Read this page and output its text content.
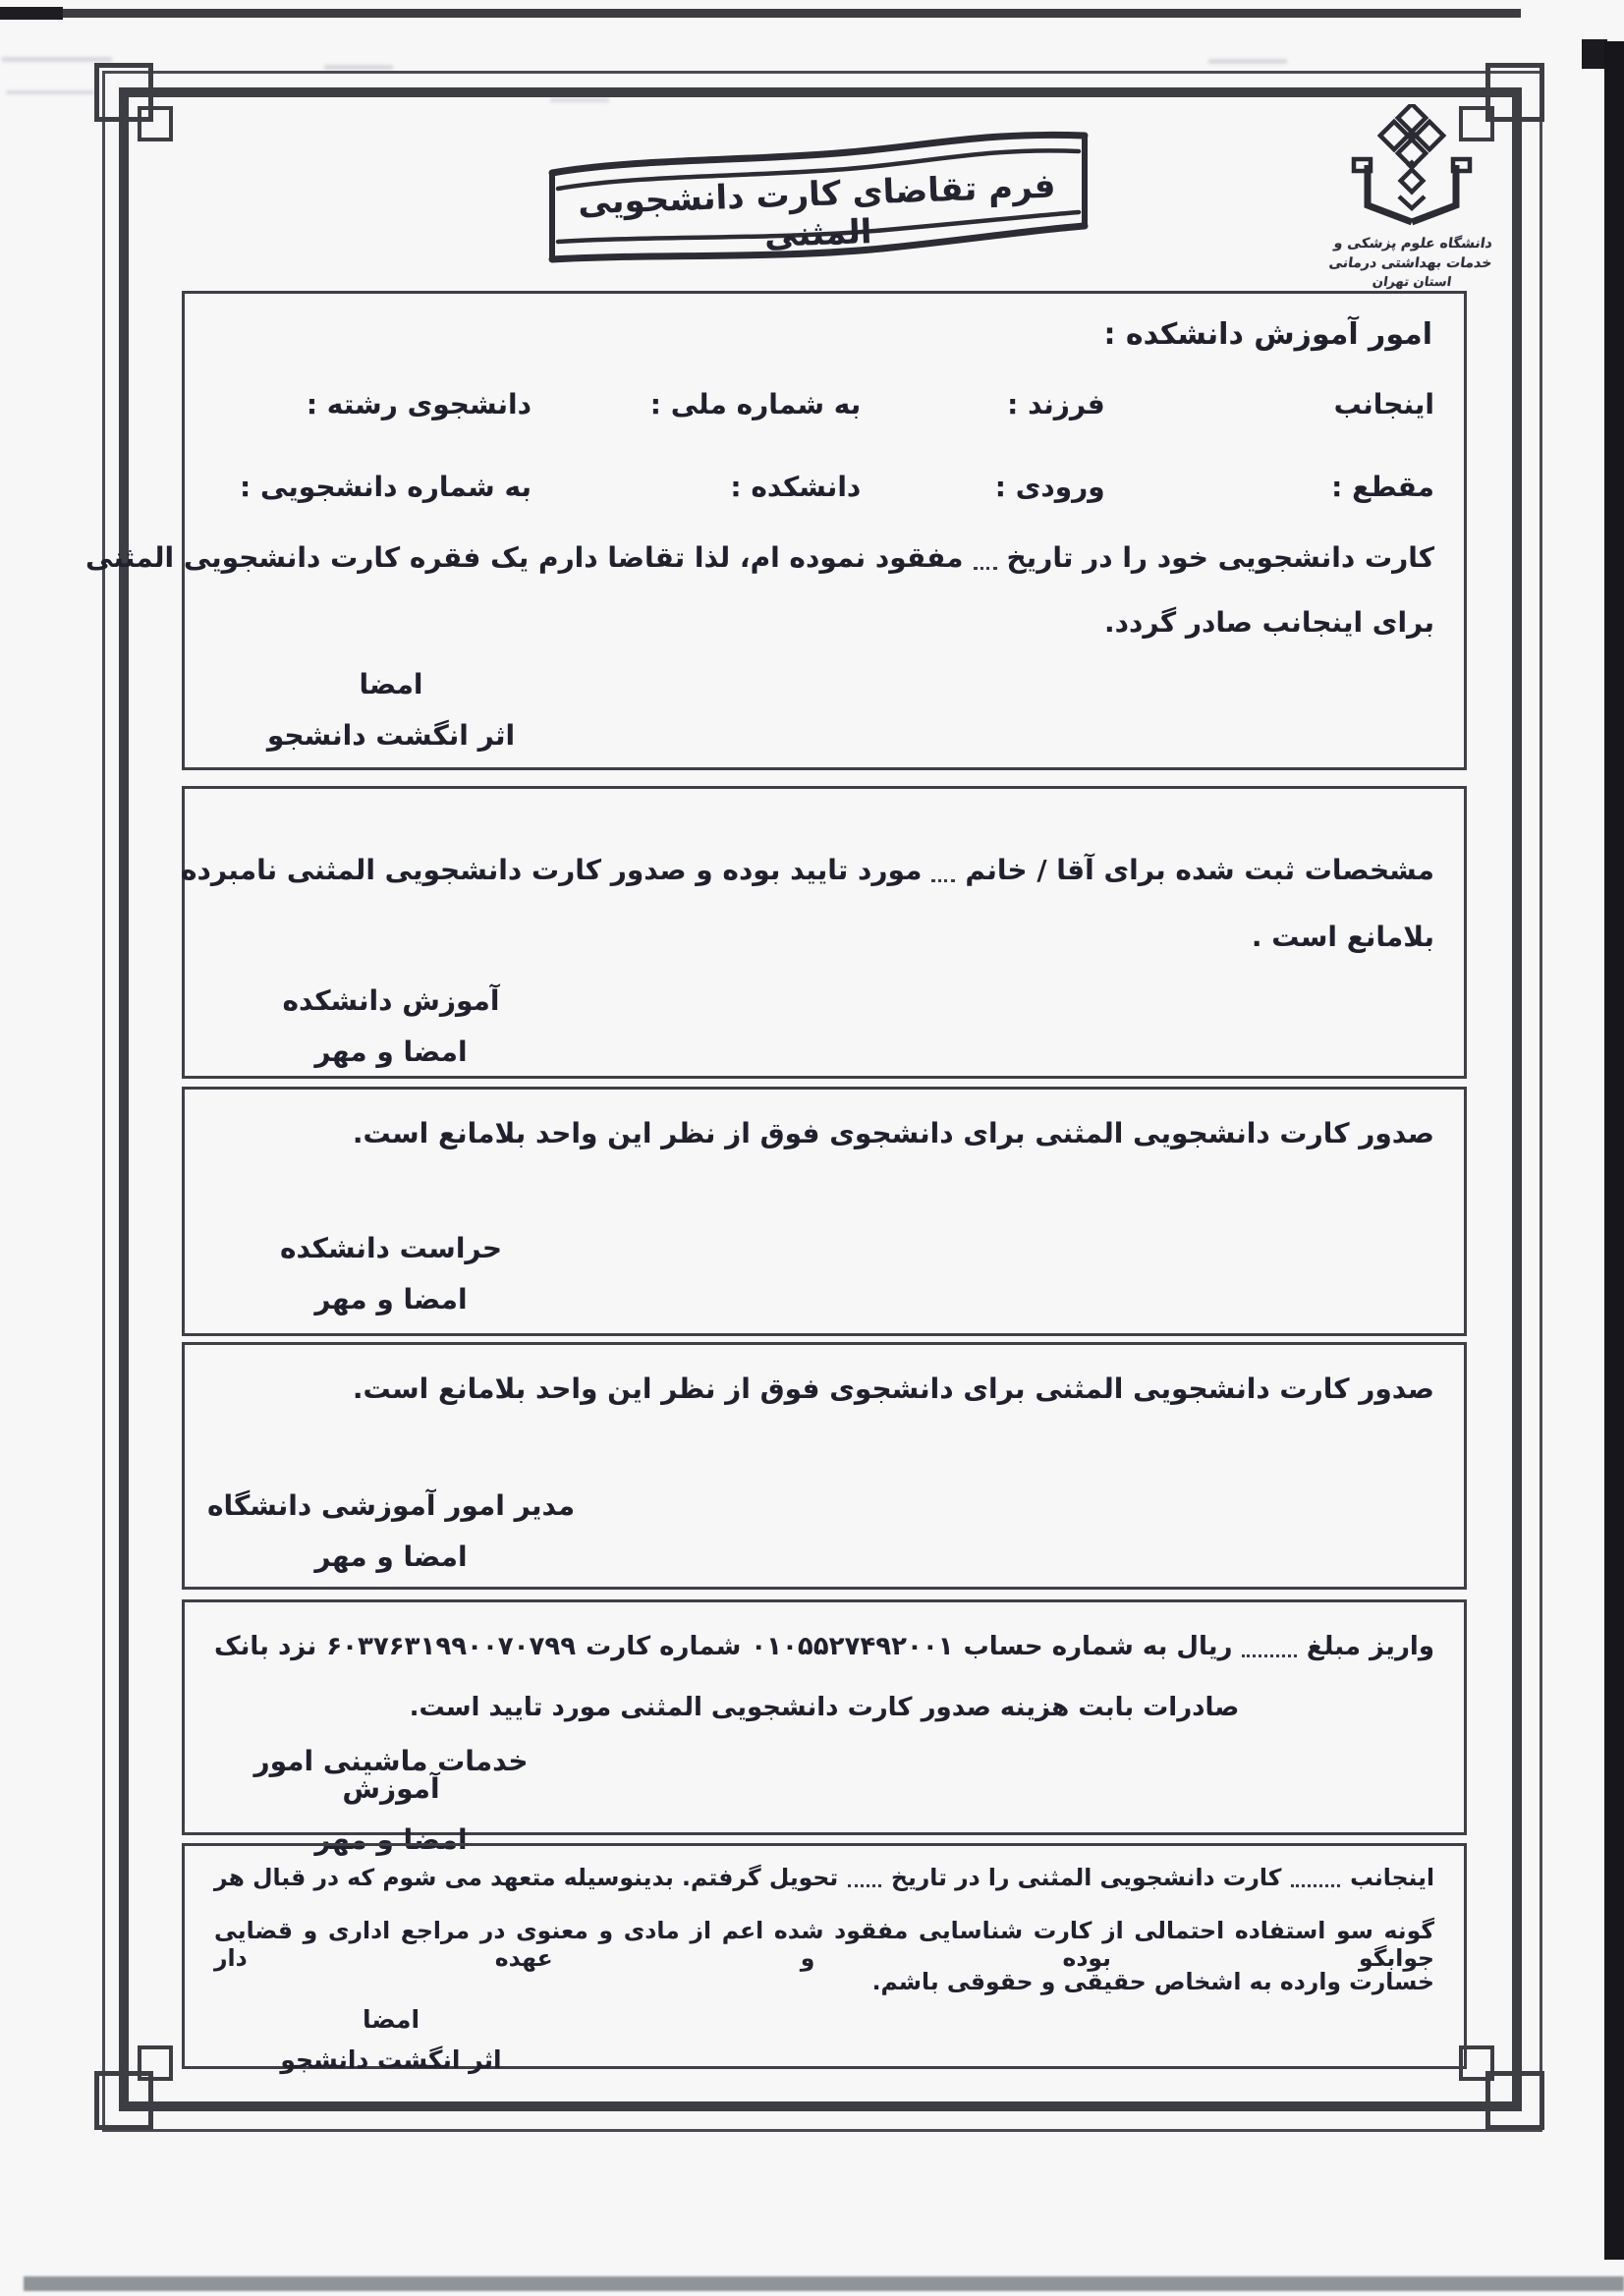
فرم تقاضای کارت دانشجویی المثنی	دانشگاه علوم پزشکی و خدمات بهداشتی درمانی
استان تهران
امور آموزش دانشکده :
اینجانب
فرزند :
به شماره ملی :
دانشجوی رشته :
مقطع :
ورودی :
دانشکده :
به شماره دانشجویی :
کارت دانشجویی خود را در تاریخ
مفقود نموده ام، لذا تقاضا دارم یک فقره کارت دانشجویی المثنی
برای اینجانب صادر گردد.
امضا
اثر انگشت دانشجو
مشخصات ثبت شده برای آقا / خانم
مورد تایید بوده و صدور کارت دانشجویی المثنی نامبرده
بلامانع است .
آموزش دانشکده
امضا و مهر
صدور کارت دانشجویی المثنی برای دانشجوی فوق از نظر این واحد بلامانع است.
حراست دانشکده
امضا و مهر
صدور کارت دانشجویی المثنی برای دانشجوی فوق از نظر این واحد بلامانع است.
مدیر امور آموزشی دانشگاه
امضا و مهر
واریز مبلغ
ریال به شماره حساب
۰۱۰۵۵۲۷۴۹۲۰۰۱
شماره کارت
۶۰۳۷۶۳۱۹۹۰۰۷۰۷۹۹
نزد بانک
صادرات بابت هزینه صدور کارت دانشجویی المثنی مورد تایید است.
خدمات ماشینی امور آموزش
امضا و مهر
اینجانب
کارت دانشجویی المثنی را در تاریخ
تحویل گرفتم. بدینوسیله متعهد می شوم که در قبال هر
گونه سو استفاده احتمالی از کارت شناسایی مفقود شده اعم از مادی و معنوی در مراجع اداری و قضایی جوابگو بوده و عهده دار
خسارت وارده به اشخاص حقیقی و حقوقی باشم.
امضا
اثر انگشت دانشجو
